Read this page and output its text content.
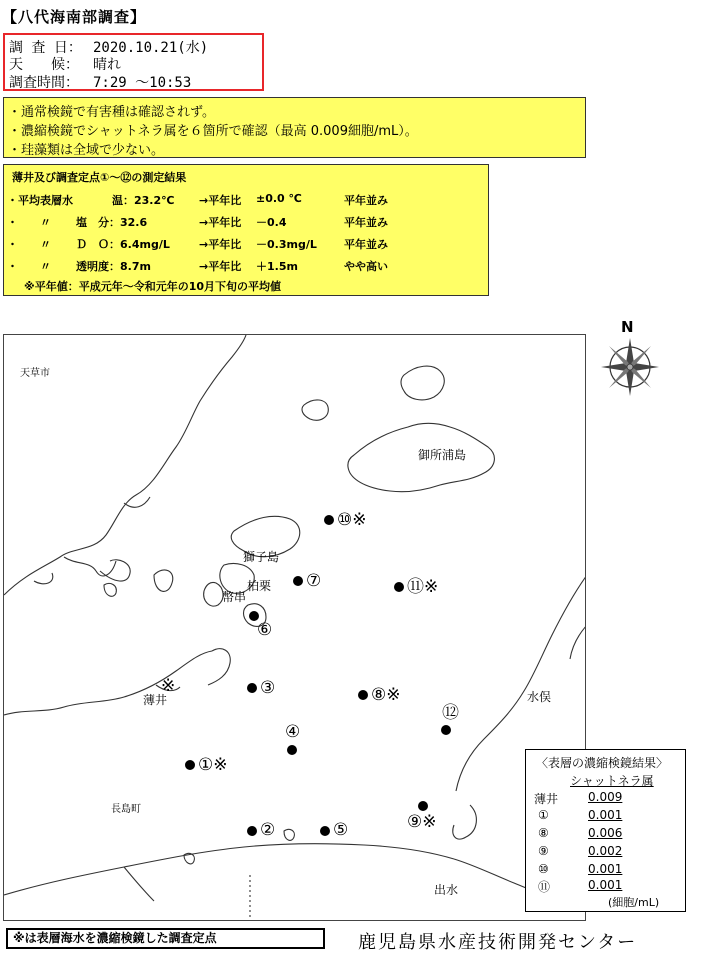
【八代海南部調査】
調 査 日： 2020.10.21(水)
天　　候： 晴れ
調査時間： 7:29 ～10:53
・通常検鏡で有害種は確認されず。
・濃縮検鏡でシャットネラ属を６箇所で確認（最高 0.009細胞/mL）。
・珪藻類は全域で少ない。
薄井及び調査定点①～⑫の測定結果
・平均表層水	温：23.2℃ →平年比 ±0.0 ℃	平年並み
・　　〃 塩　分：32.6	→平年比 －0.4	平年並み
・　　〃 Ｄ　Ｏ：6.4mg/L	→平年比 －0.3mg/L 平年並み
・　　〃 透明度：8.7m	→平年比 ＋1.5m	やや高い
※平年値：平成元年～令和元年の10月下旬の平均値
N
天草市
御所浦島
獅子島
柏栗
幣串
薄井	水俣
長島町
出水
⑩※
⑦	⑪※
⑥
③	⑧※
⑫
④
①※
⑨※
②	⑤
※
〈表層の濃縮検鏡結果〉
シャットネラ属
薄井 0.009
①	0.001
⑧	0.006
⑨	0.002
⑩	0.001
⑪	0.001
(細胞/mL)
※は表層海水を濃縮検鏡した調査定点	鹿児島県水産技術開発センター
